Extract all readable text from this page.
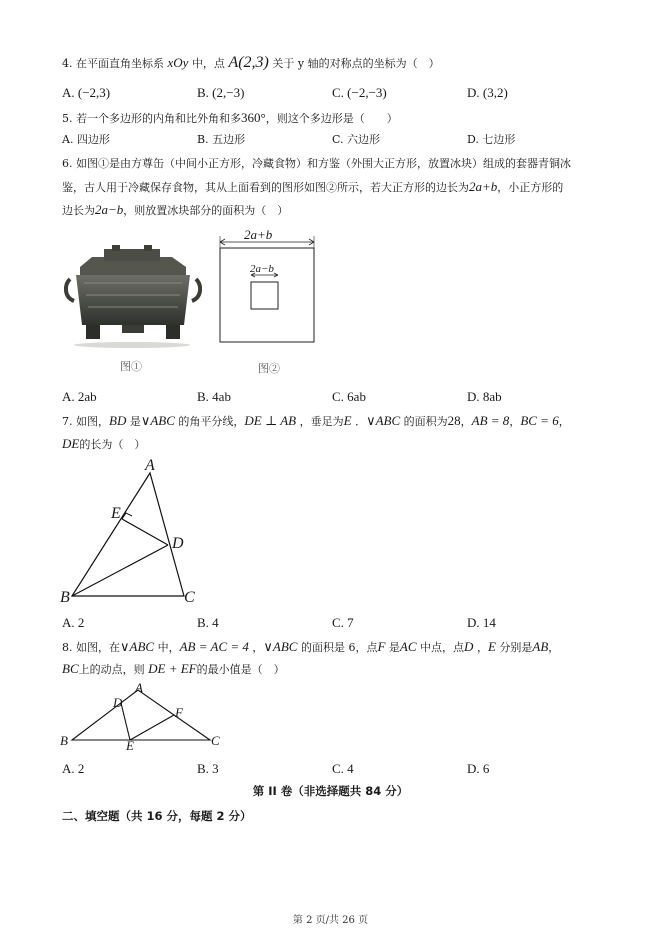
4. 在平面直角坐标系 xOy 中，点 A(2,3) 关于 y 轴的对称点的坐标为（　）
A. (−2,3)	B. (2,−3)	C. (−2,−3)	D. (3,2)
5. 若一个多边形的内角和比外角和多360°，则这个多边形是（　　）
A. 四边形	B. 五边形	C. 六边形	D. 七边形
6. 如图①是由方尊缶（中间小正方形，冷藏食物）和方鉴（外围大正方形，放置冰块）组成的套器青铜冰
鉴，古人用于冷藏保存食物，其从上面看到的图形如图②所示，若大正方形的边长为2a+b，小正方形的
边长为2a−b，则放置冰块部分的面积为（　）
图①
2a+b
2a−b
图②
A. 2ab	B. 4ab	C. 6ab	D. 8ab
7. 如图，BD 是∨ABC 的角平分线，DE ⊥ AB ，垂足为E ．∨ABC 的面积为28，AB = 8，BC = 6，
DE的长为（　）
A
E
D
B	C
A. 2	B. 4	C. 7	D. 14
8. 如图，在∨ABC 中，AB = AC = 4 ，∨ABC 的面积是 6，点F 是AC 中点，点D ，E 分别是AB，
BC上的动点，则 DE + EF的最小值是（　）
A
D
F
B	E	C
A. 2	B. 3	C. 4	D. 6
第 II 卷（非选择题共 84 分）
二、填空题（共 16 分，每题 2 分）
第 2 页/共 26 页
